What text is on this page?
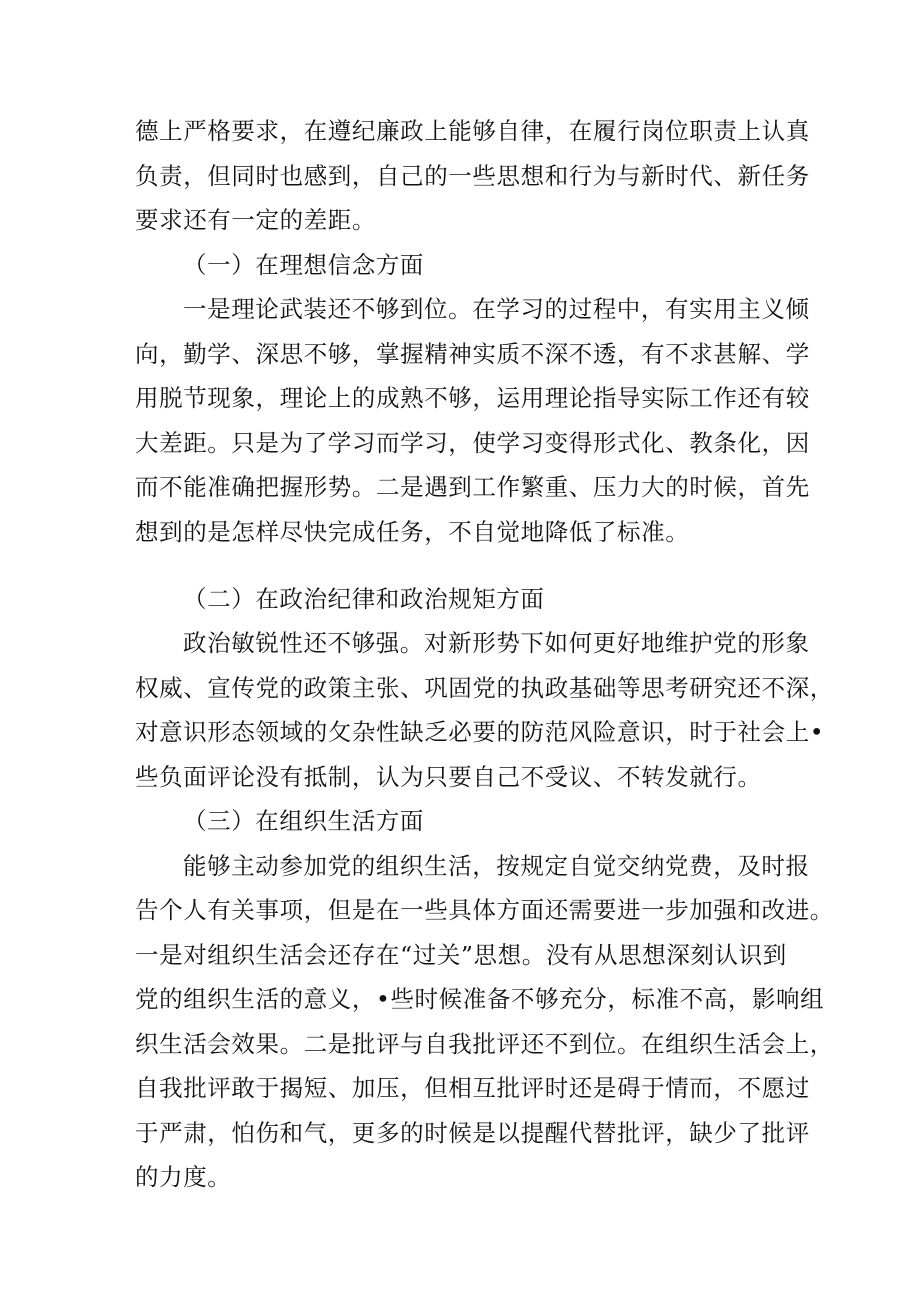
德上严格要求，在遵纪廉政上能够自律，在履行岗位职责上认真
负责，但同时也感到，自己的一些思想和行为与新时代、新任务
要求还有一定的差距。
（一）在理想信念方面
一是理论武装还不够到位。在学习的过程中，有实用主义倾
向，勤学、深思不够，掌握精神实质不深不透，有不求甚解、学
用脱节现象，理论上的成熟不够，运用理论指导实际工作还有较
大差距。只是为了学习而学习，使学习变得形式化、教条化，因
而不能准确把握形势。二是遇到工作繁重、压力大的时候，首先
想到的是怎样尽快完成任务，不自觉地降低了标准。
（二）在政治纪律和政治规矩方面
政治敏锐性还不够强。对新形势下如何更好地维护党的形象
权威、宣传党的政策主张、巩固党的执政基础等思考研究还不深，
对意识形态领域的攵杂性缺乏必要的防范风险意识，时于社会上•
些负面评论没有抵制，认为只要自己不受议、不转发就行。
（三）在组织生活方面
能够主动参加党的组织生活，按规定自觉交纳党费，及时报
告个人有关事项，但是在一些具体方面还需要进一步加强和改进。
一是对组织生活会还存在“过关”思想。没有从思想深刻认识到
党的组织生活的意义，•些时候准备不够充分，标准不高，影响组
织生活会效果。二是批评与自我批评还不到位。在组织生活会上，
自我批评敢于揭短、加压，但相互批评时还是碍于情而，不愿过
于严肃，怕伤和气，更多的时候是以提醒代替批评，缺少了批评
的力度。
